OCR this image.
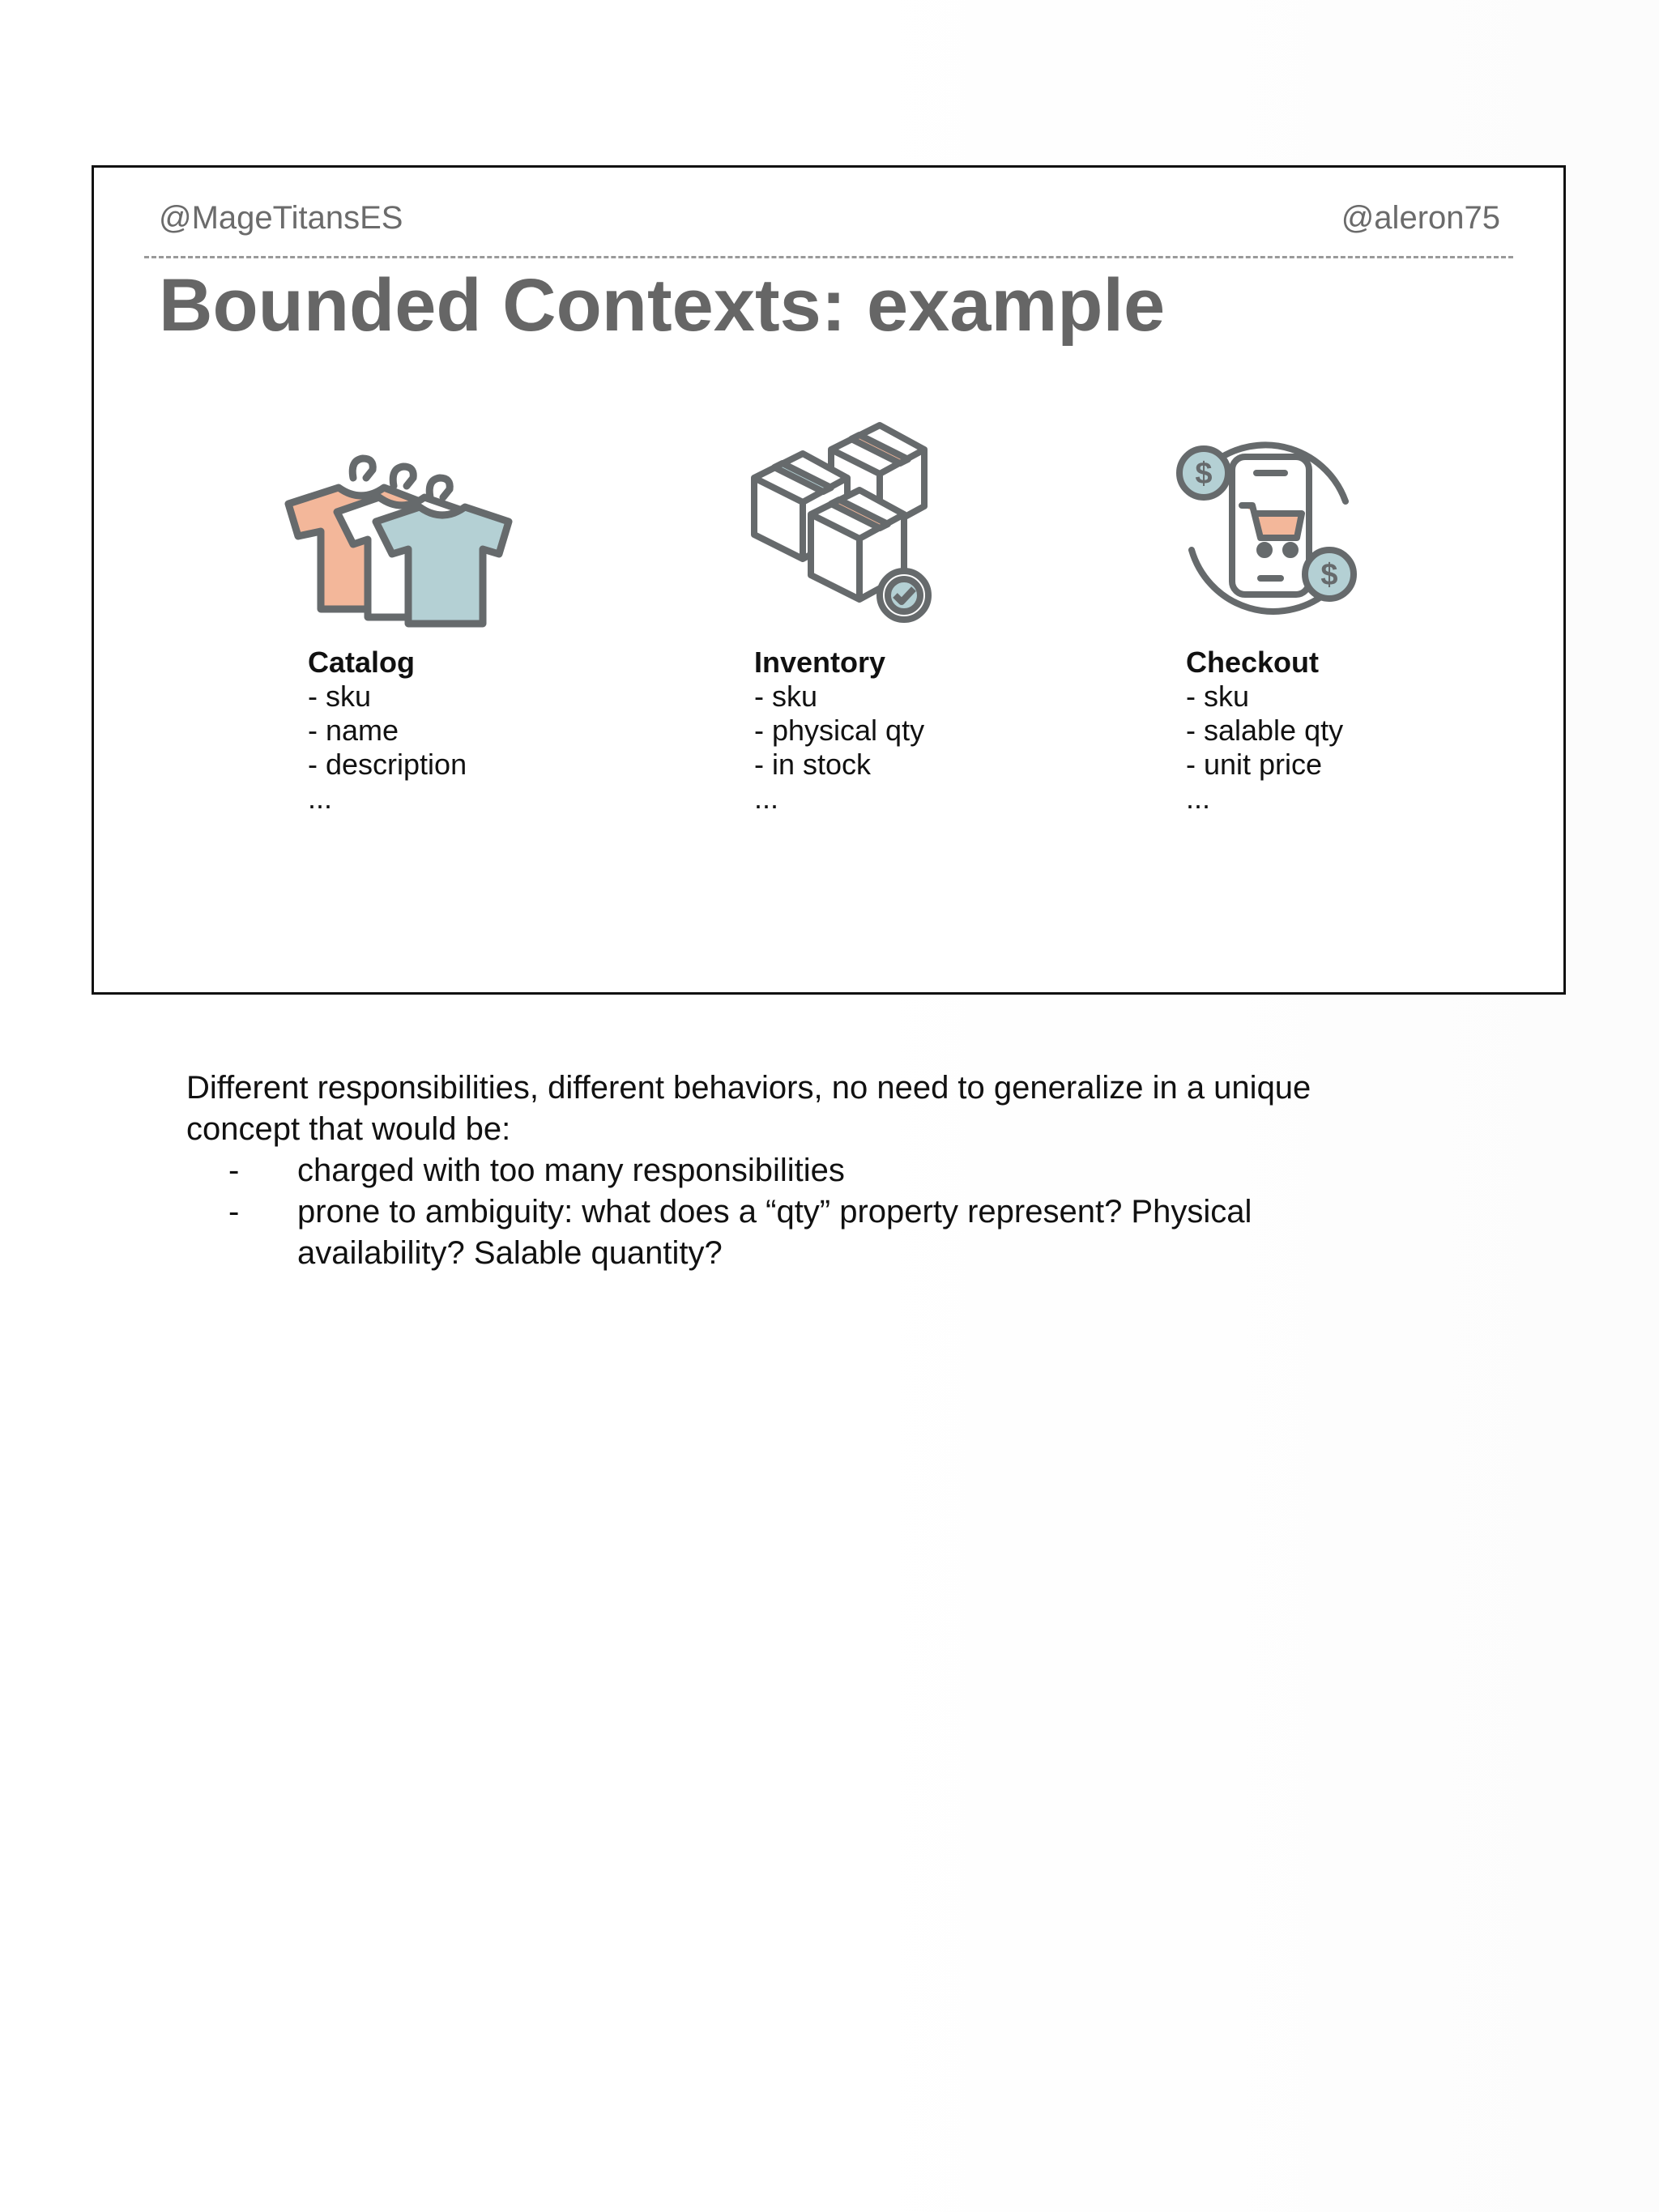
@MageTitansES	@aleron75
Bounded Contexts: example
$
$
Catalog
- sku
- name
- description
...
Inventory
- sku
- physical qty
- in stock
...
Checkout
- sku
- salable qty
- unit price
...

Different responsibilities, different behaviors, no need to generalize in a unique concept that would be:

- charged with too many responsibilities
- prone to ambiguity: what does a “qty” property represent? Physical availability? Salable quantity?
